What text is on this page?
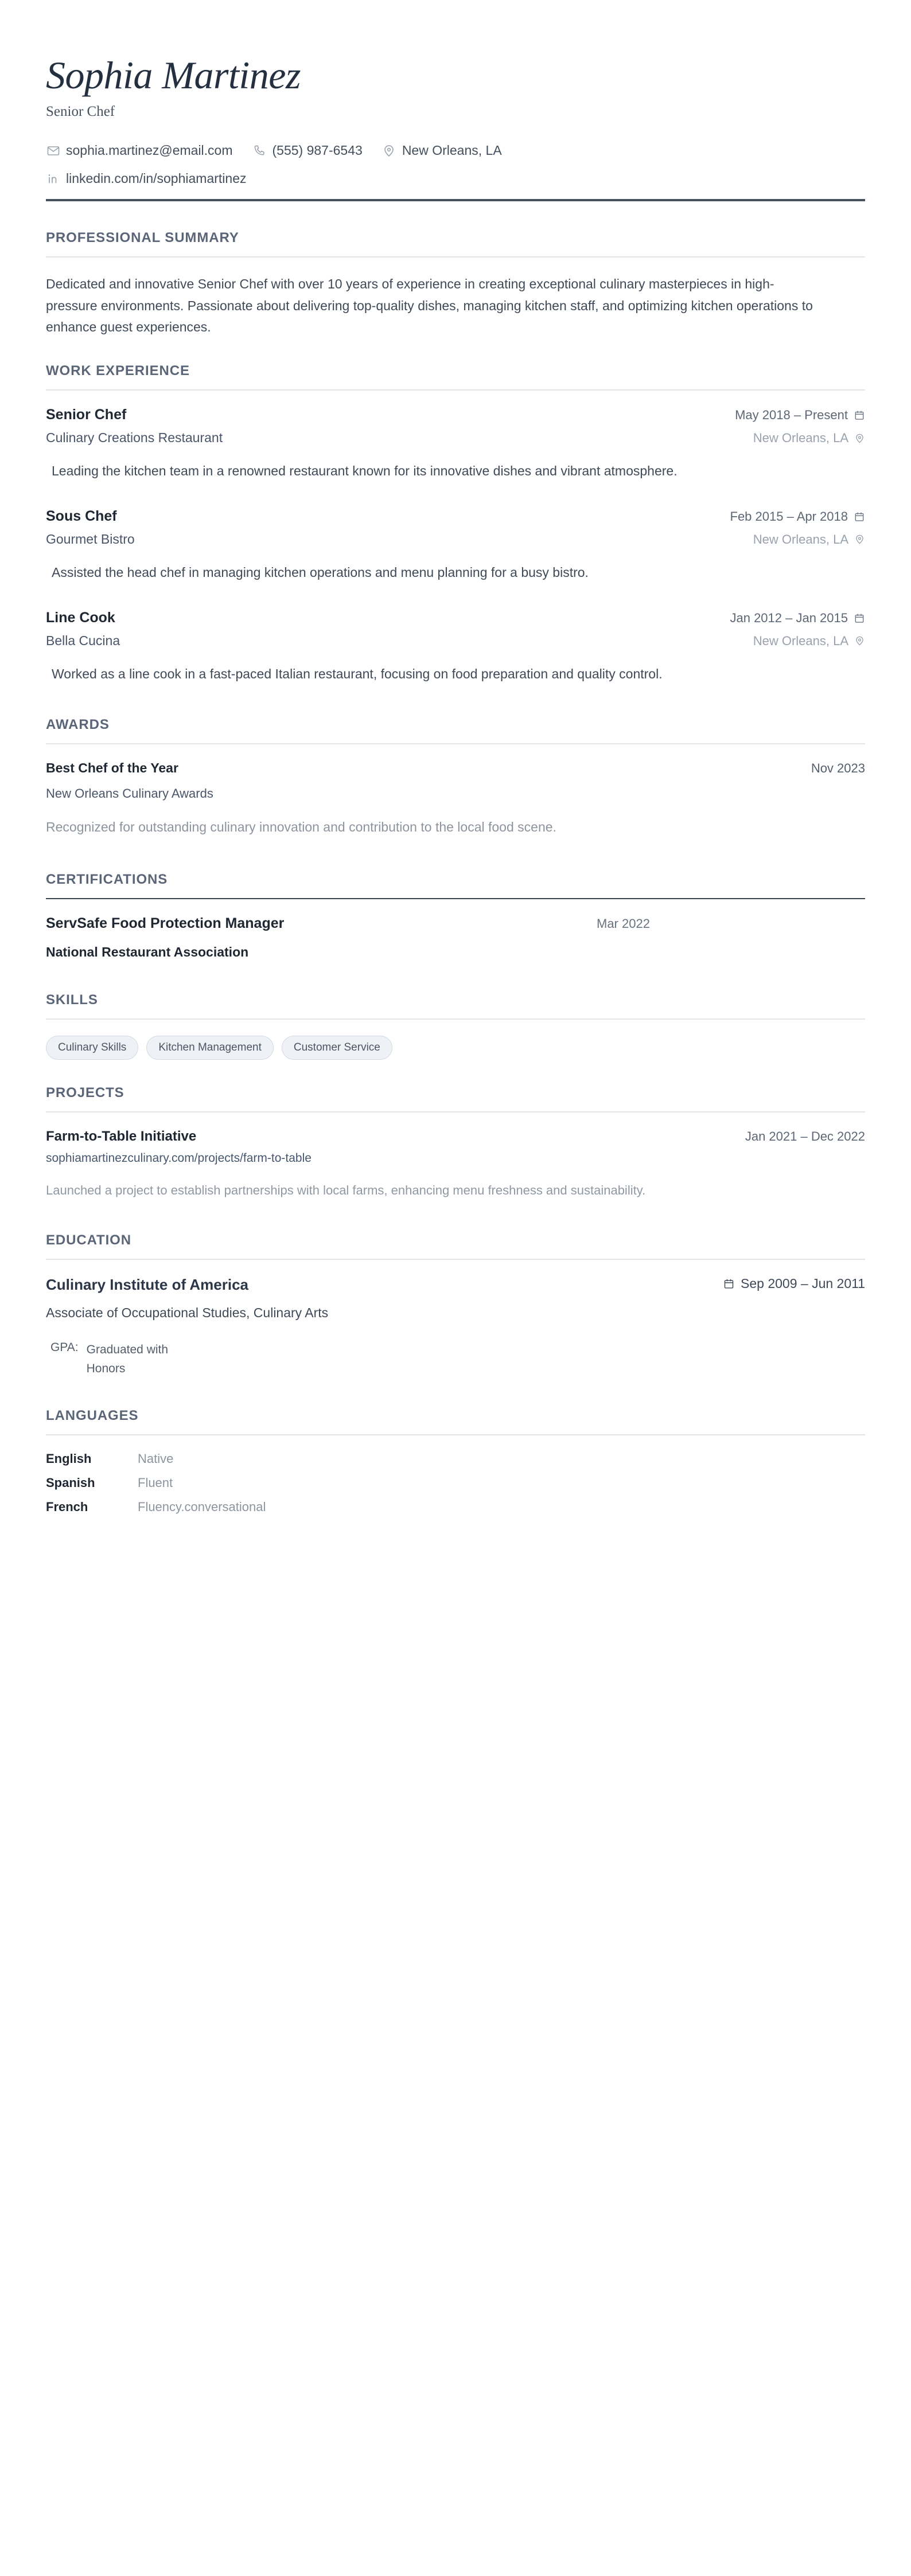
Sophia Martinez
Senior Chef
sophia.martinez@email.com	(555) 987-6543	New Orleans, LA
linkedin.com/in/sophiamartinez
PROFESSIONAL SUMMARY
Dedicated and innovative Senior Chef with over 10 years of experience in creating exceptional culinary masterpieces in high-pressure environments. Passionate about delivering top-quality dishes, managing kitchen staff, and optimizing kitchen operations to enhance guest experiences.
WORK EXPERIENCE
Senior Chef	May 2018 – Present
Culinary Creations Restaurant	New Orleans, LA
Leading the kitchen team in a renowned restaurant known for its innovative dishes and vibrant atmosphere.
Sous Chef	Feb 2015 – Apr 2018
Gourmet Bistro	New Orleans, LA
Assisted the head chef in managing kitchen operations and menu planning for a busy bistro.
Line Cook	Jan 2012 – Jan 2015
Bella Cucina	New Orleans, LA
Worked as a line cook in a fast-paced Italian restaurant, focusing on food preparation and quality control.
AWARDS
Best Chef of the Year	Nov 2023
New Orleans Culinary Awards
Recognized for outstanding culinary innovation and contribution to the local food scene.
CERTIFICATIONS
ServSafe Food Protection Manager	Mar 2022
National Restaurant Association
SKILLS
Culinary Skills	Kitchen Management	Customer Service
PROJECTS
Farm-to-Table Initiative	Jan 2021 – Dec 2022
sophiamartinezculinary.com/projects/farm-to-table
Launched a project to establish partnerships with local farms, enhancing menu freshness and sustainability.
EDUCATION
Culinary Institute of America	Sep 2009 – Jun 2011
Associate of Occupational Studies, Culinary Arts
GPA: Graduated with Honors
LANGUAGES
English	Native
Spanish	Fluent
French	Fluency.conversational
